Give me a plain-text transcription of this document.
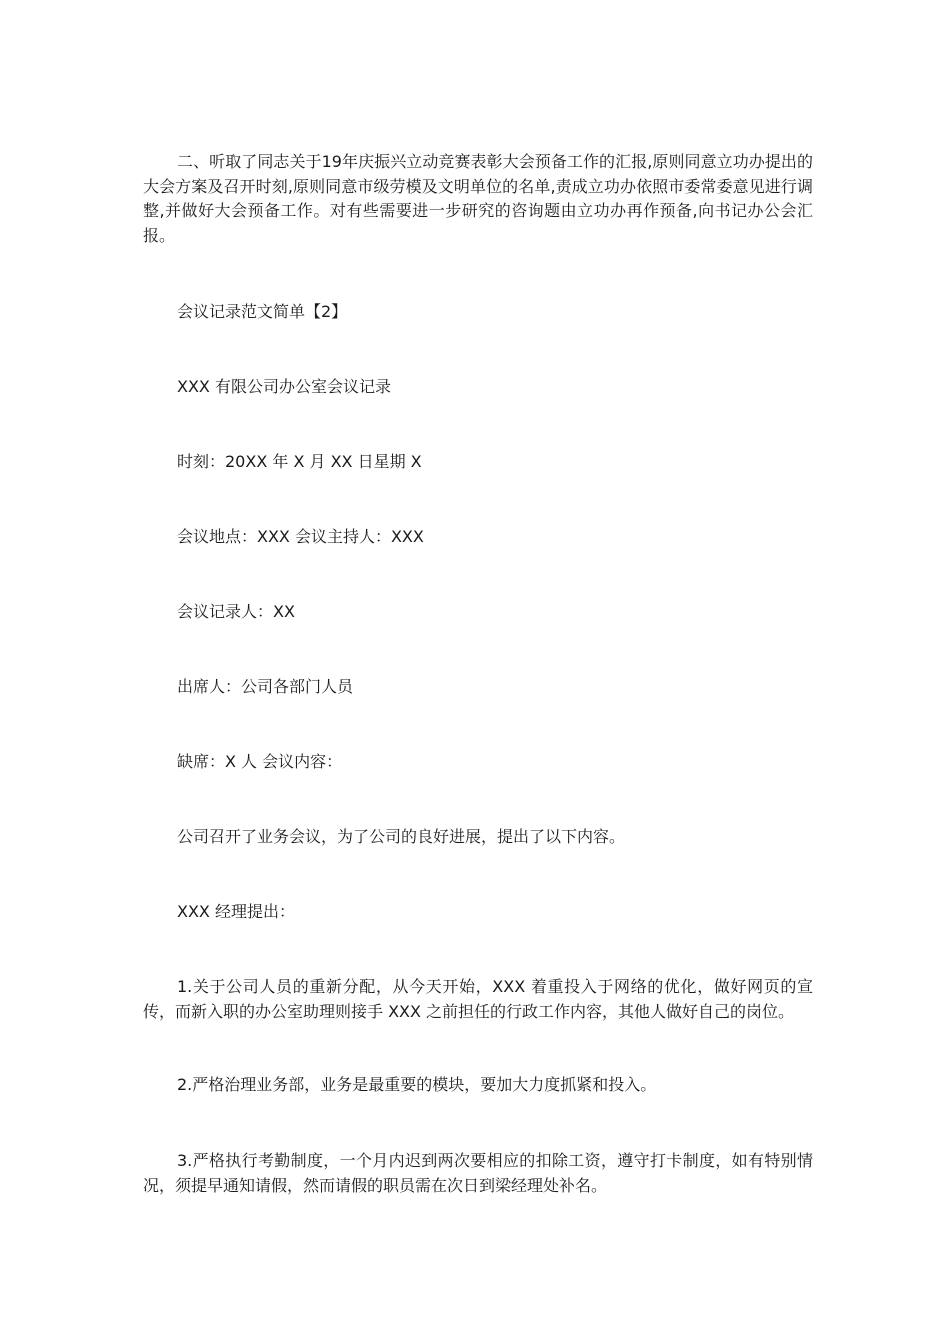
二、听取了同志关于19年庆振兴立动竞赛表彰大会预备工作的汇报,原则同意立功办提出的大会方案及召开时刻,原则同意市级劳模及文明单位的名单,责成立功办依照市委常委意见进行调整,并做好大会预备工作。对有些需要进一步研究的咨询题由立功办再作预备,向书记办公会汇报。

会议记录范文简单【2】

XXX 有限公司办公室会议记录

时刻：20XX 年 X 月 XX 日星期 X

会议地点：XXX 会议主持人：XXX

会议记录人：XX

出席人：公司各部门人员

缺席：X 人 会议内容：

公司召开了业务会议，为了公司的良好进展，提出了以下内容。

XXX 经理提出：

1.关于公司人员的重新分配，从今天开始，XXX 着重投入于网络的优化，做好网页的宣传，而新入职的办公室助理则接手 XXX 之前担任的行政工作内容，其他人做好自己的岗位。

2.严格治理业务部，业务是最重要的模块，要加大力度抓紧和投入。

3.严格执行考勤制度，一个月内迟到两次要相应的扣除工资，遵守打卡制度，如有特别情况，须提早通知请假，然而请假的职员需在次日到梁经理处补名。
